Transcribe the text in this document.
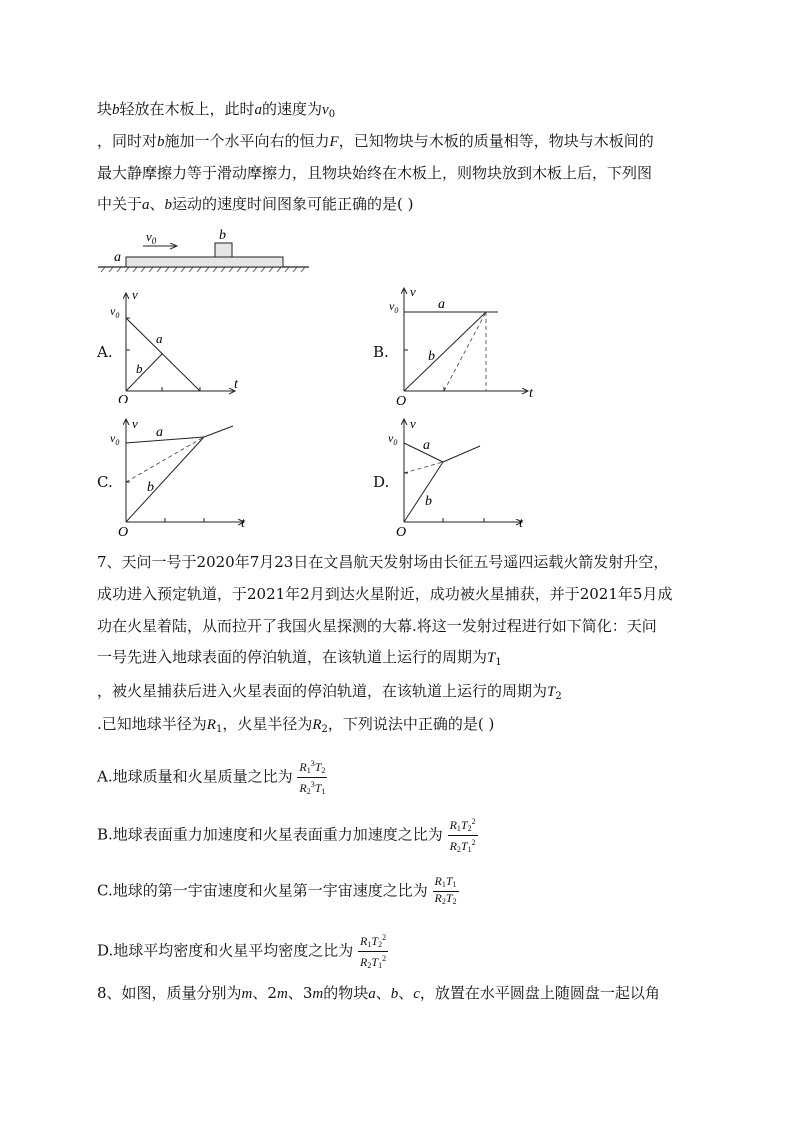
块b轻放在木板上，此时a的速度为$v_0$
，同时对b施加一个水平向右的恒力F，已知物块与木板的质量相等，物块与木板间的
最大静摩擦力等于滑动摩擦力，且物块始终在木板上，则物块放到木板上后，下列图
中关于a、b运动的速度时间图象可能正确的是( )
$v_0$
a
b
A.
v
$v_0$
a
b
O
t
B.
v
$v_0$	a
b
O
t
C.
v
$v_0$
a
b
O
t
D.
v
$v_0$ a
b
O
t
7、天问一号于2020年7月23日在文昌航天发射场由长征五号遥四运载火箭发射升空，
成功进入预定轨道，于2021年2月到达火星附近，成功被火星捕获，并于2021年5月成
功在火星着陆，从而拉开了我国火星探测的大幕.将这一发射过程进行如下简化：天问
一号先进入地球表面的停泊轨道，在该轨道上运行的周期为$T_1$
，被火星捕获后进入火星表面的停泊轨道，在该轨道上运行的周期为$T_2$
.已知地球半径为$R_1$，火星半径为$R_2$，下列说法中正确的是( )
A.地球质量和火星质量之比为 $\frac{R1^3T2}{R2^3T1}$
B.地球表面重力加速度和火星表面重力加速度之比为 $\frac{R1T2^2}{R2T1^2}$
C.地球的第一宇宙速度和火星第一宇宙速度之比为 $\frac{R1T1}{R2T2}$
D.地球平均密度和火星平均密度之比为 $\frac{R1T2^2}{R2T1^2}$
8、如图，质量分别为m、2m、3m的物块a、b、c，放置在水平圆盘上随圆盘一起以角
